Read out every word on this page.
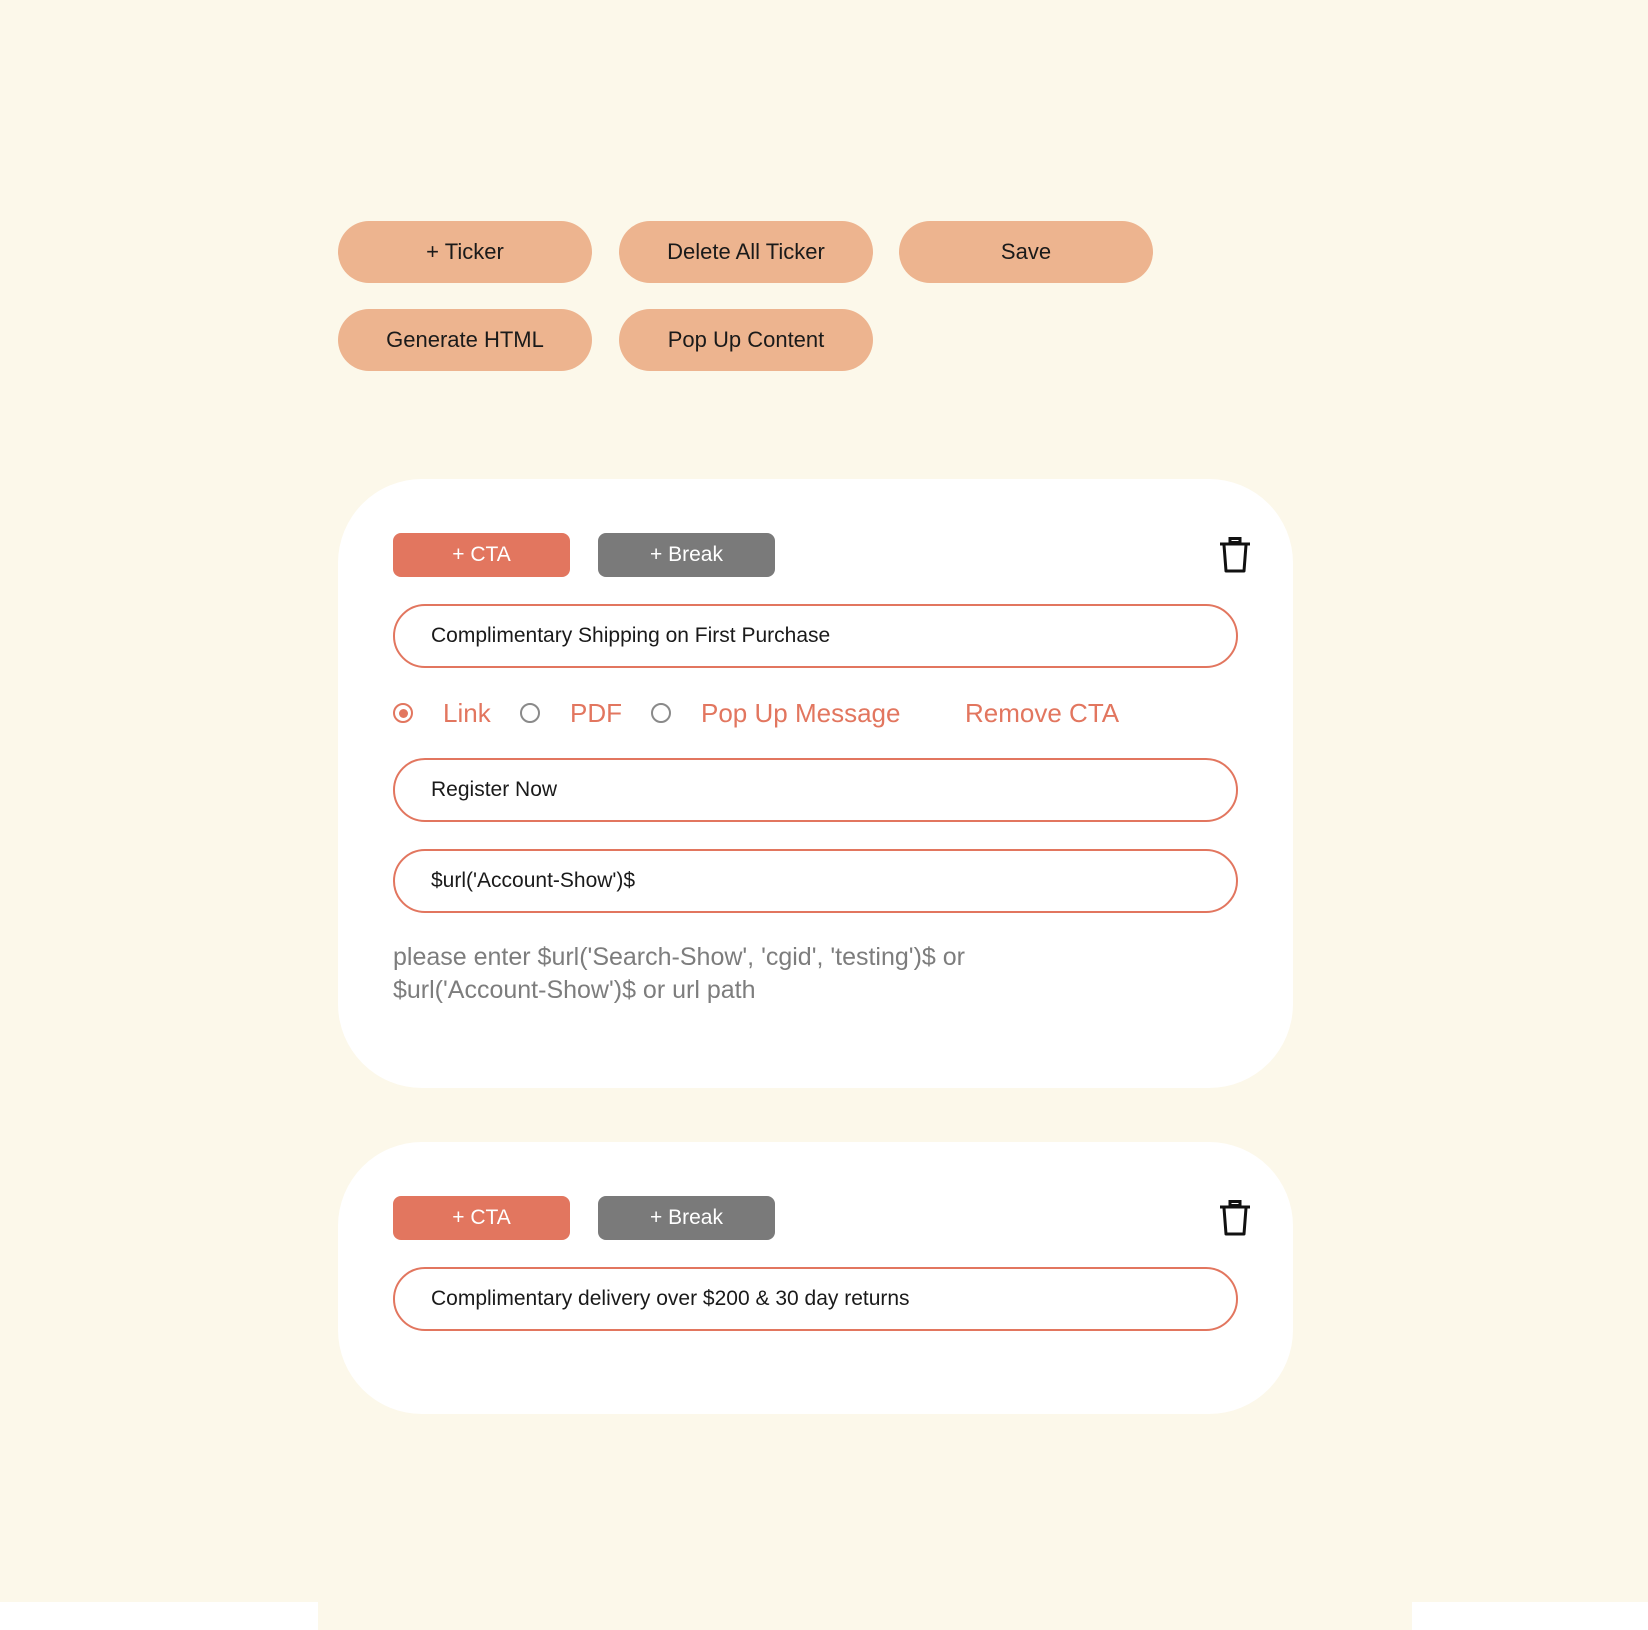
+ Ticker	Delete All Ticker	Save
Generate HTML	Pop Up Content
+ CTA	+ Break
Complimentary Shipping on First Purchase
Link	PDF	Pop Up Message Remove CTA
Register Now
$url('Account-Show')$

please enter $url('Search-Show', 'cgid', 'testing')$ or $url('Account-Show')$ or url path

+ CTA	+ Break
Complimentary delivery over $200 & 30 day returns
